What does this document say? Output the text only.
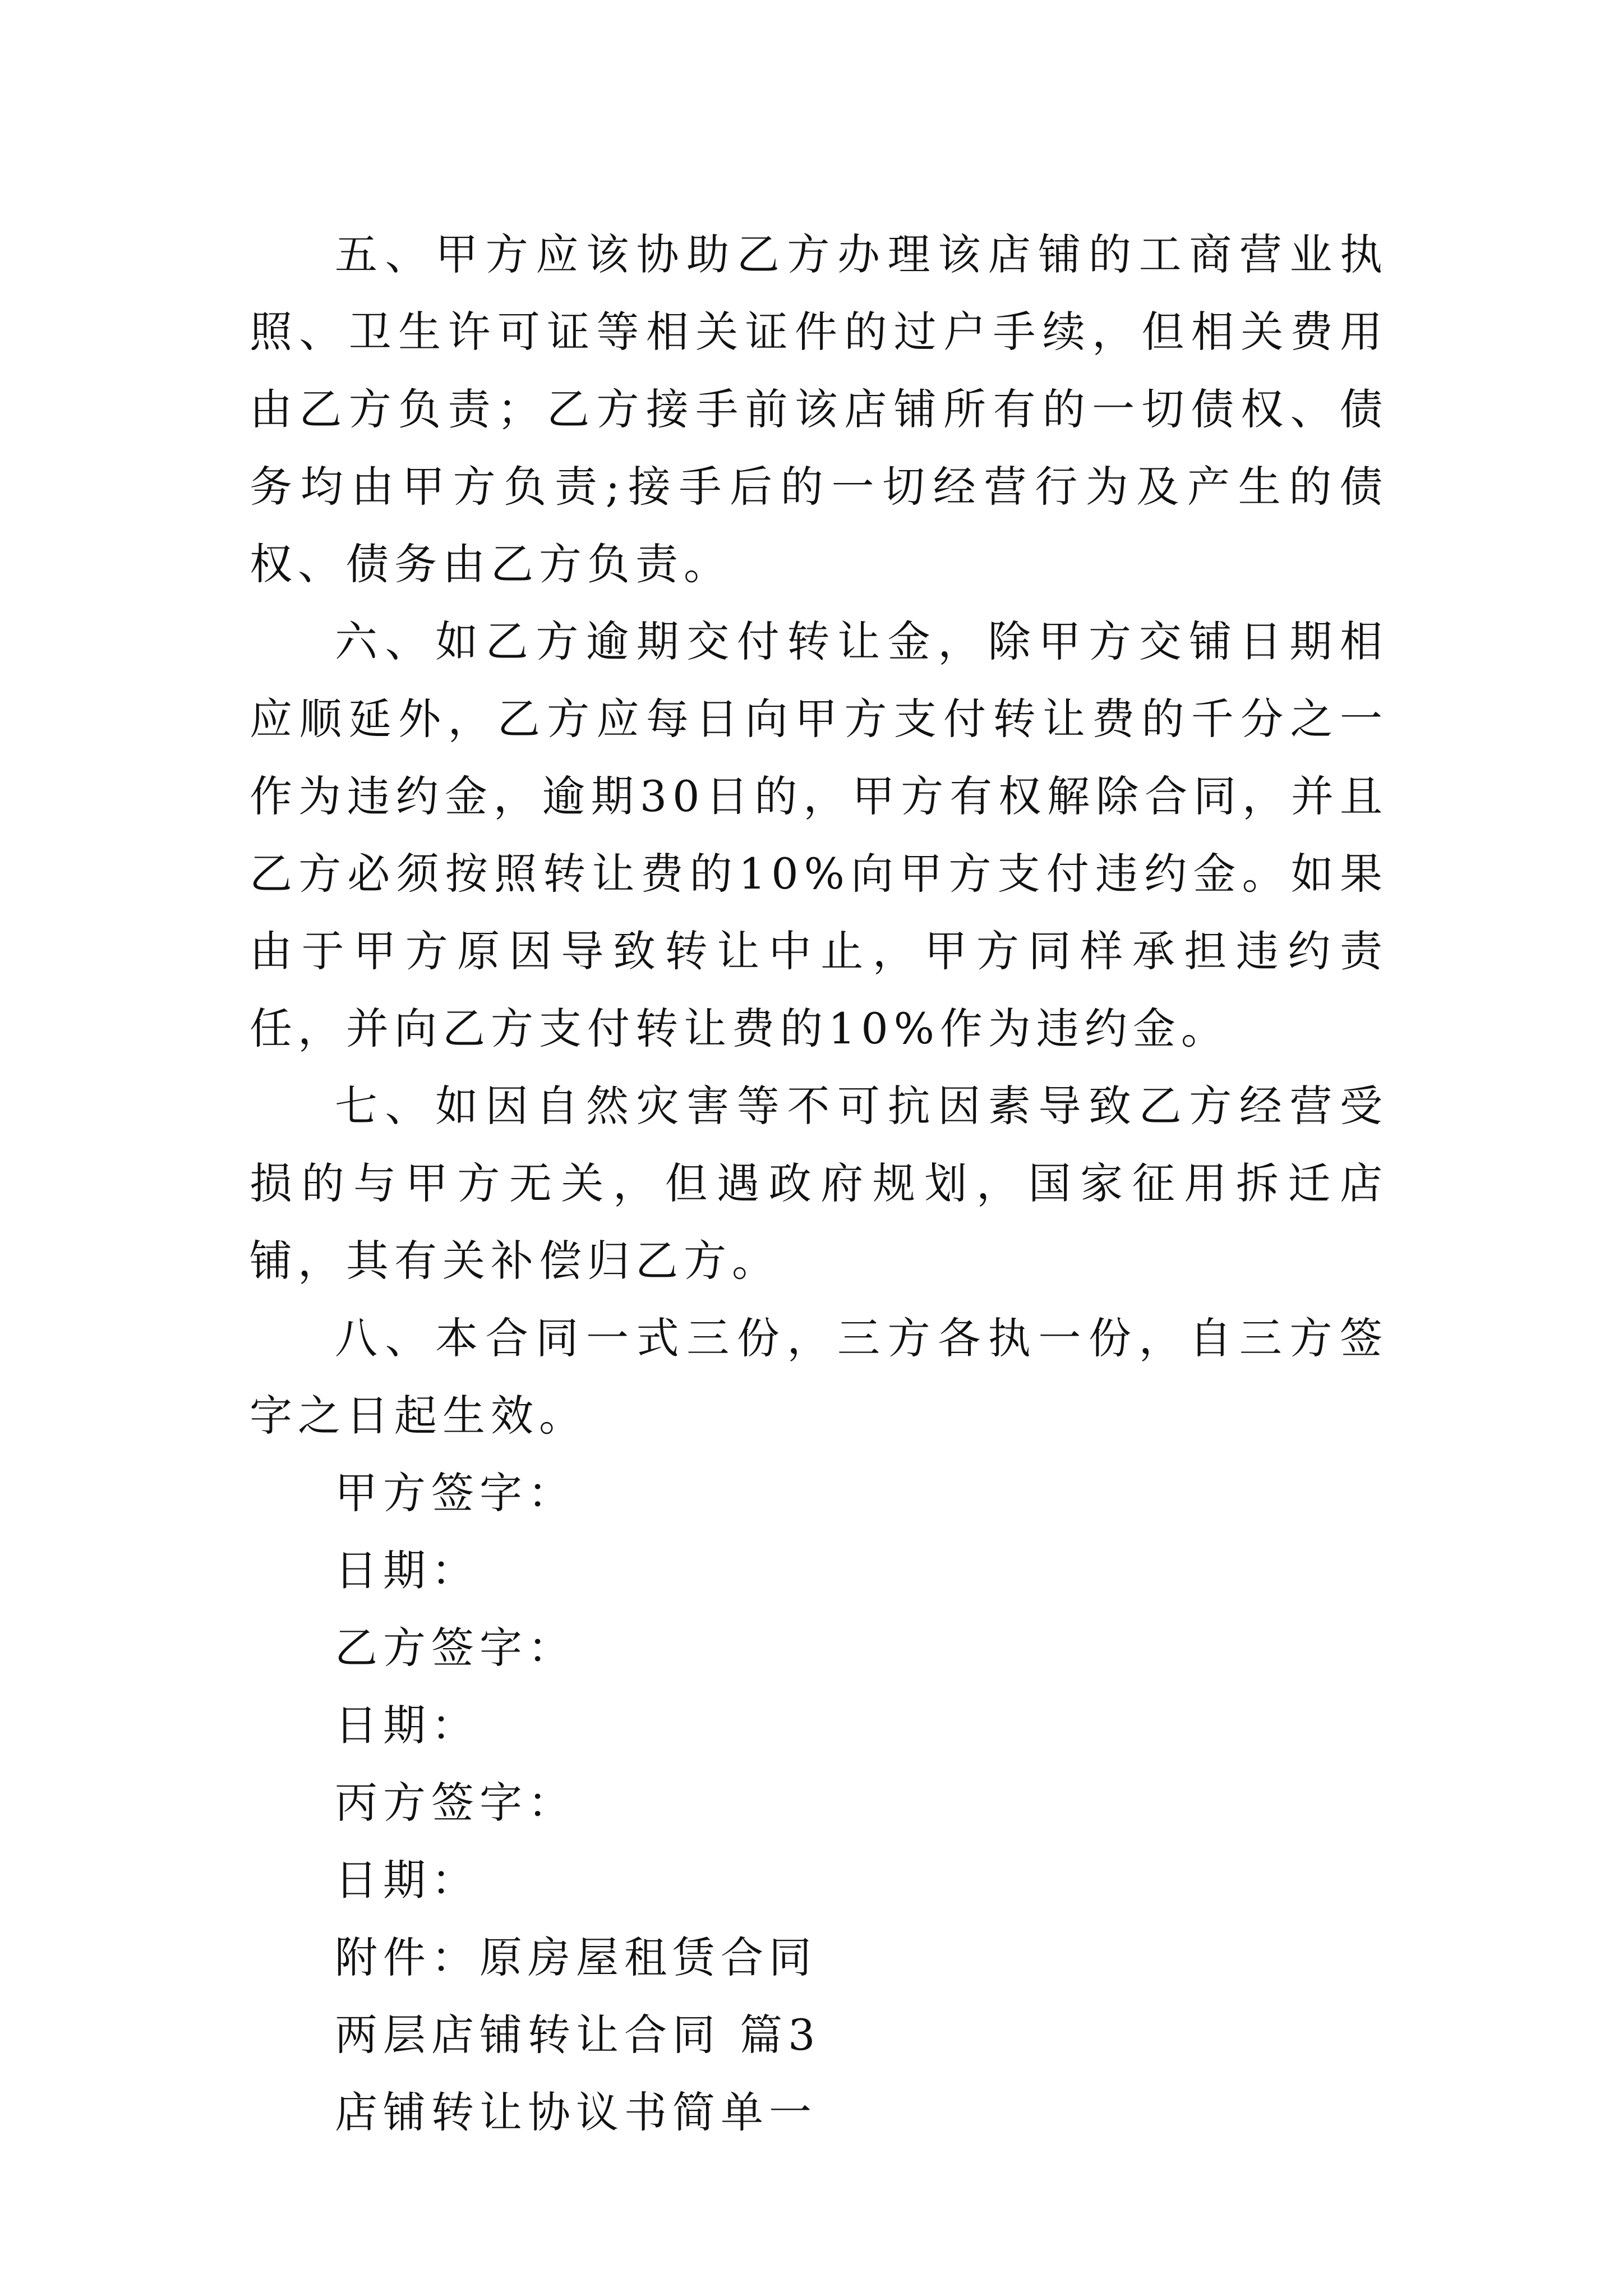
五、甲方应该协助乙方办理该店铺的工商营业执照、卫生许可证等相关证件的过户手续，但相关费用由乙方负责；乙方接手前该店铺所有的一切债权、债务均由甲方负责;接手后的一切经营行为及产生的债权、债务由乙方负责。

六、如乙方逾期交付转让金，除甲方交铺日期相应顺延外，乙方应每日向甲方支付转让费的千分之一作为违约金，逾期30日的，甲方有权解除合同，并且乙方必须按照转让费的10%向甲方支付违约金。如果由于甲方原因导致转让中止，甲方同样承担违约责任，并向乙方支付转让费的10%作为违约金。

七、如因自然灾害等不可抗因素导致乙方经营受损的与甲方无关，但遇政府规划，国家征用拆迁店铺，其有关补偿归乙方。

八、本合同一式三份，三方各执一份，自三方签字之日起生效。

甲方签字：

日期：

乙方签字：

日期：

丙方签字：

日期：

附件：原房屋租赁合同

两层店铺转让合同 篇3

店铺转让协议书简单一
